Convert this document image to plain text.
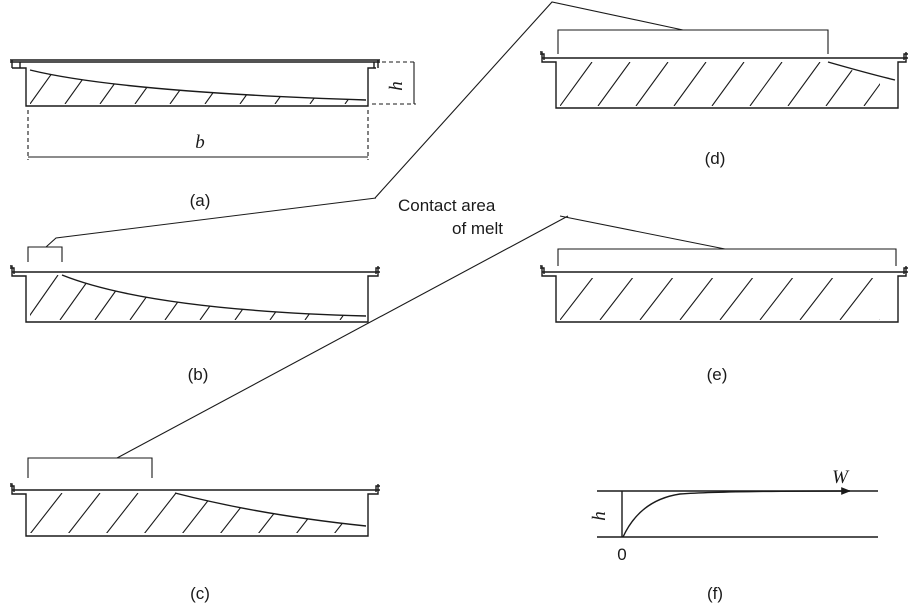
h
b
(a)
(b)
(c)
(d)
(e)
Contact area
of melt
h
W
0
(f)
